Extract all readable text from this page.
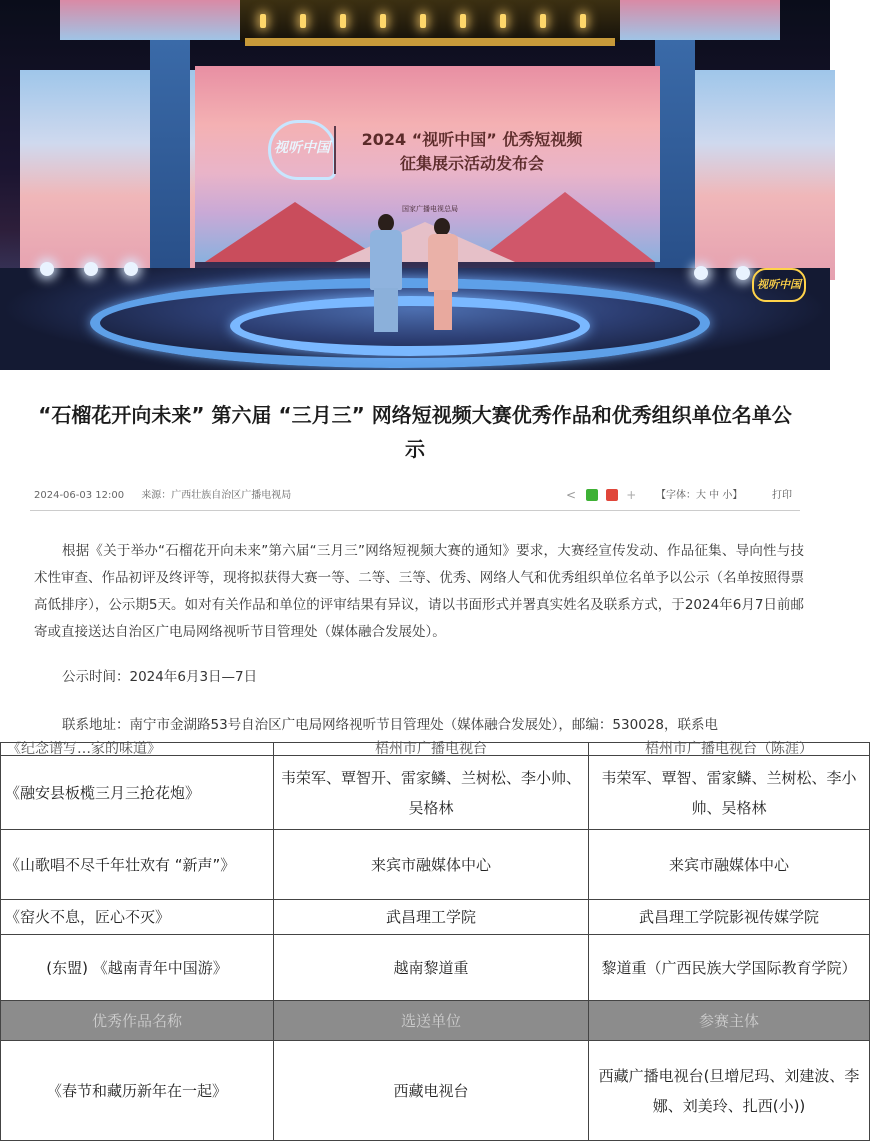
视听中国	2024 “视听中国” 优秀短视频
征集展示活动发布会
国家广播电视总局
视听中国
“石榴花开向未来” 第六届 “三月三” 网络短视频大赛优秀作品和优秀组织单位名单公示
2024-06-03 12:00 来源：广西壮族自治区广播电视局	<	+	【字体：大 中 小】	打印

根据《关于举办“石榴花开向未来”第六届“三月三”网络短视频大赛的通知》要求，大赛经宣传发动、作品征集、导向性与技术性审查、作品初评及终评等，现将拟获得大赛一等、二等、三等、优秀、网络人气和优秀组织单位名单予以公示（名单按照得票高低排序），公示期5天。如对有关作品和单位的评审结果有异议，请以书面形式并署真实姓名及联系方式，于2024年6月7日前邮寄或直接送达自治区广电局网络视听节目管理处（媒体融合发展处）。

公示时间：2024年6月3日—7日

联系地址：南宁市金湖路53号自治区广电局网络视听节目管理处（媒体融合发展处），邮编：530028，联系电

《纪念谱写…家的味道》	梧州市广播电视台	梧州市广播电视台（陈涯）
《融安县板榄三月三抢花炮》	韦荣军、覃智开、雷家鳞、兰树松、李小帅、吴格林	韦荣军、覃智、雷家鳞、兰树松、李小帅、吴格林
《山歌唱不尽千年壮欢有 “新声”》	来宾市融媒体中心	来宾市融媒体中心
《窑火不息，匠心不灭》	武昌理工学院	武昌理工学院影视传媒学院
(东盟) 《越南青年中国游》	越南黎道重	黎道重（广西民族大学国际教育学院）
优秀作品名称	选送单位	参赛主体
《春节和藏历新年在一起》	西藏电视台	西藏广播电视台(旦增尼玛、刘建波、李娜、刘美玲、扎西(小))
